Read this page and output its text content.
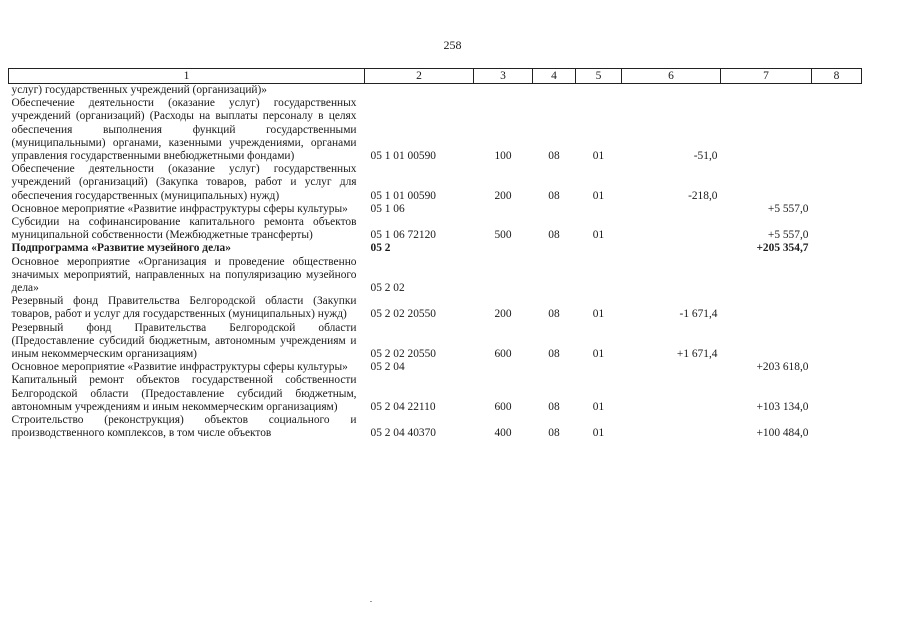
258
1	2	3	4	5	6	7	8
услуг) государственных учреждений (организаций)»							
Обеспечение деятельности (оказание услуг) государственных учреждений (организаций) (Расходы на выплаты персоналу в целях обеспечения выполнения функций государственными (муниципальными) органами, казенными учреждениями, органами управления государственными внебюджетными фондами)	05 1 01 00590	100	08	01	-51,0		
Обеспечение деятельности (оказание услуг) государственных учреждений (организаций) (Закупка товаров, работ и услуг для обеспечения государственных (муниципальных) нужд)	05 1 01 00590	200	08	01	-218,0		
Основное мероприятие «Развитие инфраструктуры сферы культуры»	05 1 06					+5 557,0	
Субсидии на софинансирование капитального ремонта объектов муниципальной собственности (Межбюджетные трансферты)	05 1 06 72120	500	08	01		+5 557,0	
Подпрограмма «Развитие музейного дела»	05 2					+205 354,7	
Основное мероприятие «Организация и проведение общественно значимых мероприятий, направленных на популяризацию музейного дела»	05 2 02						
Резервный фонд Правительства Белгородской области (Закупки товаров, работ и услуг для государственных (муниципальных) нужд)	05 2 02 20550	200	08	01	-1 671,4		
Резервный фонд Правительства Белгородской области (Предоставление субсидий бюджетным, автономным учреждениям и иным некоммерческим организациям)	05 2 02 20550	600	08	01	+1 671,4		
Основное мероприятие «Развитие инфраструктуры сферы культуры»	05 2 04					+203 618,0	
Капитальный ремонт объектов государственной собственности Белгородской области (Предоставление субсидий бюджетным, автономным учреждениям и иным некоммерческим организациям)	05 2 04 22110	600	08	01		+103 134,0	
Строительство (реконструкция) объектов социального и производственного комплексов, в том числе объектов	05 2 04 40370	400	08	01		+100 484,0	
